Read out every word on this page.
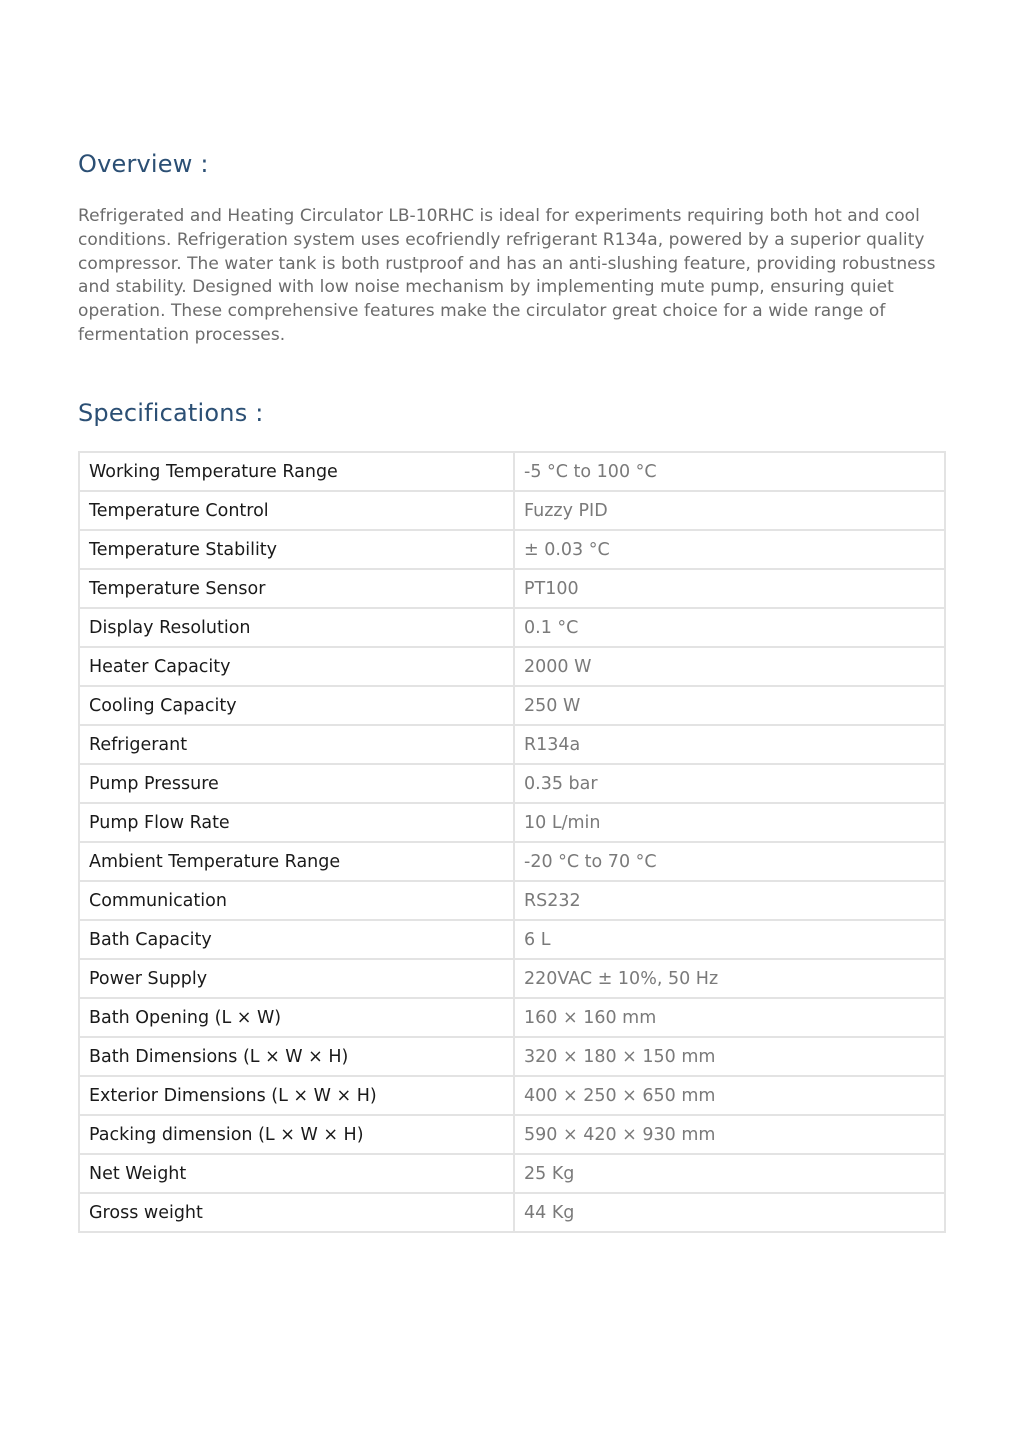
Overview :

Refrigerated and Heating Circulator LB-10RHC is ideal for experiments requiring both hot and cool conditions. Refrigeration system uses ecofriendly refrigerant R134a, powered by a superior quality compressor. The water tank is both rustproof and has an anti-slushing feature, providing robustness and stability. Designed with low noise mechanism by implementing mute pump, ensuring quiet operation. These comprehensive features make the circulator great choice for a wide range of fermentation processes.

Specifications :
Working Temperature Range	-5 °C to 100 °C
Temperature Control	Fuzzy PID
Temperature Stability	± 0.03 °C
Temperature Sensor	PT100
Display Resolution	0.1 °C
Heater Capacity	2000 W
Cooling Capacity	250 W
Refrigerant	R134a
Pump Pressure	0.35 bar
Pump Flow Rate	10 L/min
Ambient Temperature Range	-20 °C to 70 °C
Communication	RS232
Bath Capacity	6 L
Power Supply	220VAC ± 10%, 50 Hz
Bath Opening (L × W)	160 × 160 mm
Bath Dimensions (L × W × H)	320 × 180 × 150 mm
Exterior Dimensions (L × W × H)	400 × 250 × 650 mm
Packing dimension (L × W × H)	590 × 420 × 930 mm
Net Weight	25 Kg
Gross weight	44 Kg
